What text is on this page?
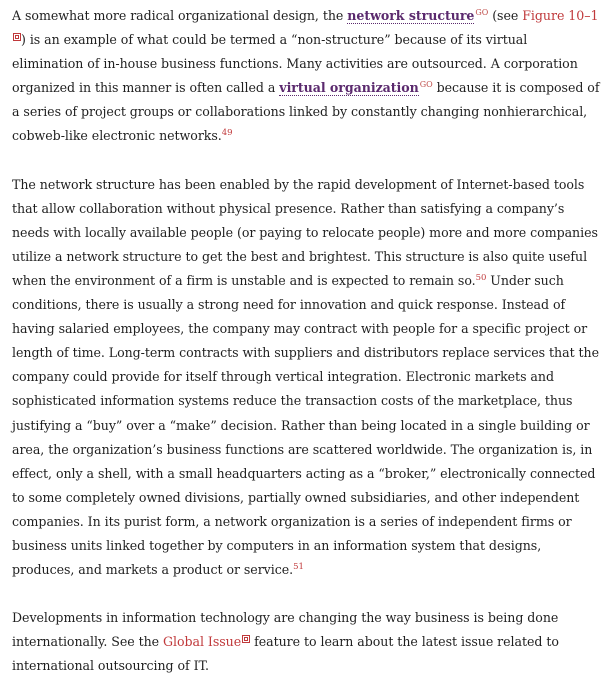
A somewhat more radical organizational design, the network structureGO (see Figure 10–1) is an example of what could be termed a “non-structure” because of its virtual elimination of in-house business functions. Many activities are outsourced. A corporation organized in this manner is often called a virtual organizationGO because it is composed of a series of project groups or collaborations linked by constantly changing nonhierarchical, cobweb-like electronic networks.$^{49}$

The network structure has been enabled by the rapid development of Internet-based tools that allow collaboration without physical presence. Rather than satisfying a company’s needs with locally available people (or paying to relocate people) more and more companies utilize a network structure to get the best and brightest. This structure is also quite useful when the environment of a firm is unstable and is expected to remain so.$^{50}$ Under such conditions, there is usually a strong need for innovation and quick response. Instead of having salaried employees, the company may contract with people for a specific project or length of time. Long-term contracts with suppliers and distributors replace services that the company could provide for itself through vertical integration. Electronic markets and sophisticated information systems reduce the transaction costs of the marketplace, thus justifying a “buy” over a “make” decision. Rather than being located in a single building or area, the organization’s business functions are scattered worldwide. The organization is, in effect, only a shell, with a small headquarters acting as a “broker,” electronically connected to some completely owned divisions, partially owned subsidiaries, and other independent companies. In its purist form, a network organization is a series of independent firms or business units linked together by computers in an information system that designs, produces, and markets a product or service.$^{51}$

Developments in information technology are changing the way business is being done internationally. See the Global Issue feature to learn about the latest issue related to international outsourcing of IT.
